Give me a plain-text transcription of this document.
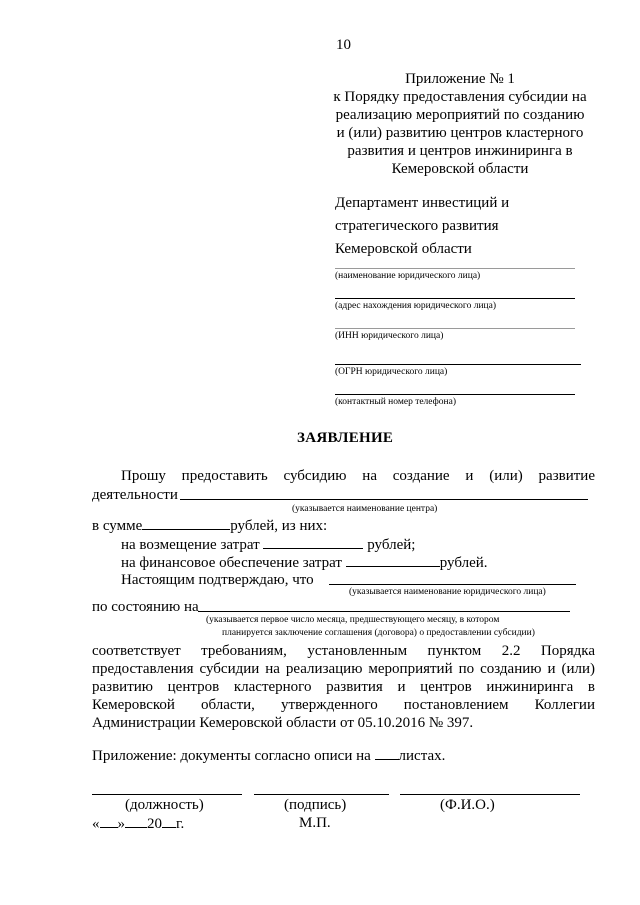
10
Приложение № 1
к Порядку предоставления субсидии на
реализацию мероприятий по созданию
и (или) развитию центров кластерного
развития и центров инжиниринга в
Кемеровской области
Департамент инвестиций и
стратегического развития
Кемеровской области
(наименование юридического лица)
(адрес нахождения юридического лица)
(ИНН юридического лица)
(ОГРН юридического лица)
(контактный номер телефона)
ЗАЯВЛЕНИЕ
Прошу предоставить субсидию на создание и (или) развитие
деятельности
(указывается наименование центра)
в сумме	рублей, из них:
на возмещение затрат	рублей;
на финансовое обеспечение затрат	рублей.
Настоящим подтверждаю, что
(указывается наименование юридического лица)
по состоянию на
(указывается первое число месяца, предшествующего месяцу, в котором
планируется заключение соглашения (договора) о предоставлении субсидии)
соответствует требованиям, установленным пунктом 2.2 Порядка
предоставления субсидии на реализацию мероприятий по созданию и (или)
развитию центров кластерного развития и центров инжиниринга в
Кемеровской области, утвержденного постановлением Коллегии
Администрации Кемеровской области от 05.10.2016 № 397.
Приложение: документы согласно описи на листах.
(должность)	(подпись)	(Ф.И.О.)
« » 20 г.	М.П.
